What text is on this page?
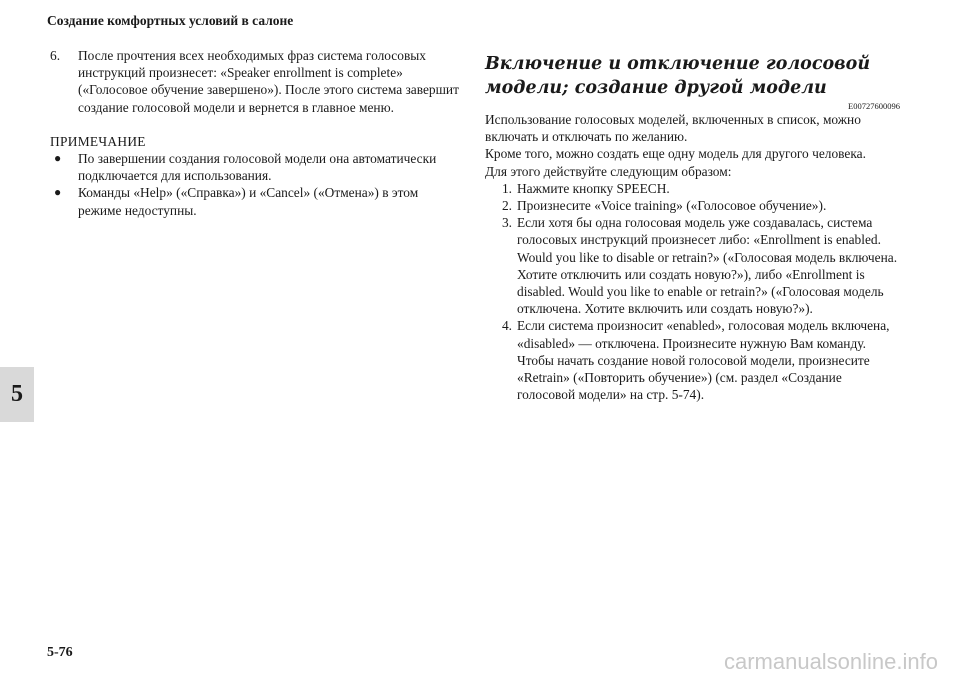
Создание комфортных условий в салоне
5
6.	После прочтения всех необходимых фраз система голосовых инструкций произнесет: «Speaker enrollment is complete» («Голосовое обучение завершено»). После этого система завершит создание голосовой модели и вернется в главное меню.
ПРИМЕЧАНИЕ
●	По завершении создания голосовой модели она автоматически подключается для использования.
●	Команды «Help» («Справка») и «Cancel» («Отмена») в этом режиме недоступны.
Включение и отключение голосовой модели; создание другой модели
E00727600096

Использование голосовых моделей, включенных в список, можно включать и отключать по желанию.

Кроме того, можно создать еще одну модель для другого человека.

Для этого действуйте следующим образом:

1. Нажмите кнопку SPEECH.
2. Произнесите «Voice training» («Голосовое обучение»).
3. Если хотя бы одна голосовая модель уже создавалась, система голосовых инструкций произнесет либо: «Enrollment is enabled. Would you like to disable or retrain?» («Голосовая модель включена. Хотите отключить или создать новую?»), либо «Enrollment is disabled. Would you like to enable or retrain?» («Голосовая модель отключена. Хотите включить или создать новую?»).
4. Если система произносит «enabled», голосовая модель включена, «disabled» — отключена. Произнесите нужную Вам команду.
Чтобы начать создание новой голосовой модели, произнесите «Retrain» («Повторить обучение») (см. раздел «Создание голосовой модели» на стр. 5-74).
5-76	carmanualsonline.info
